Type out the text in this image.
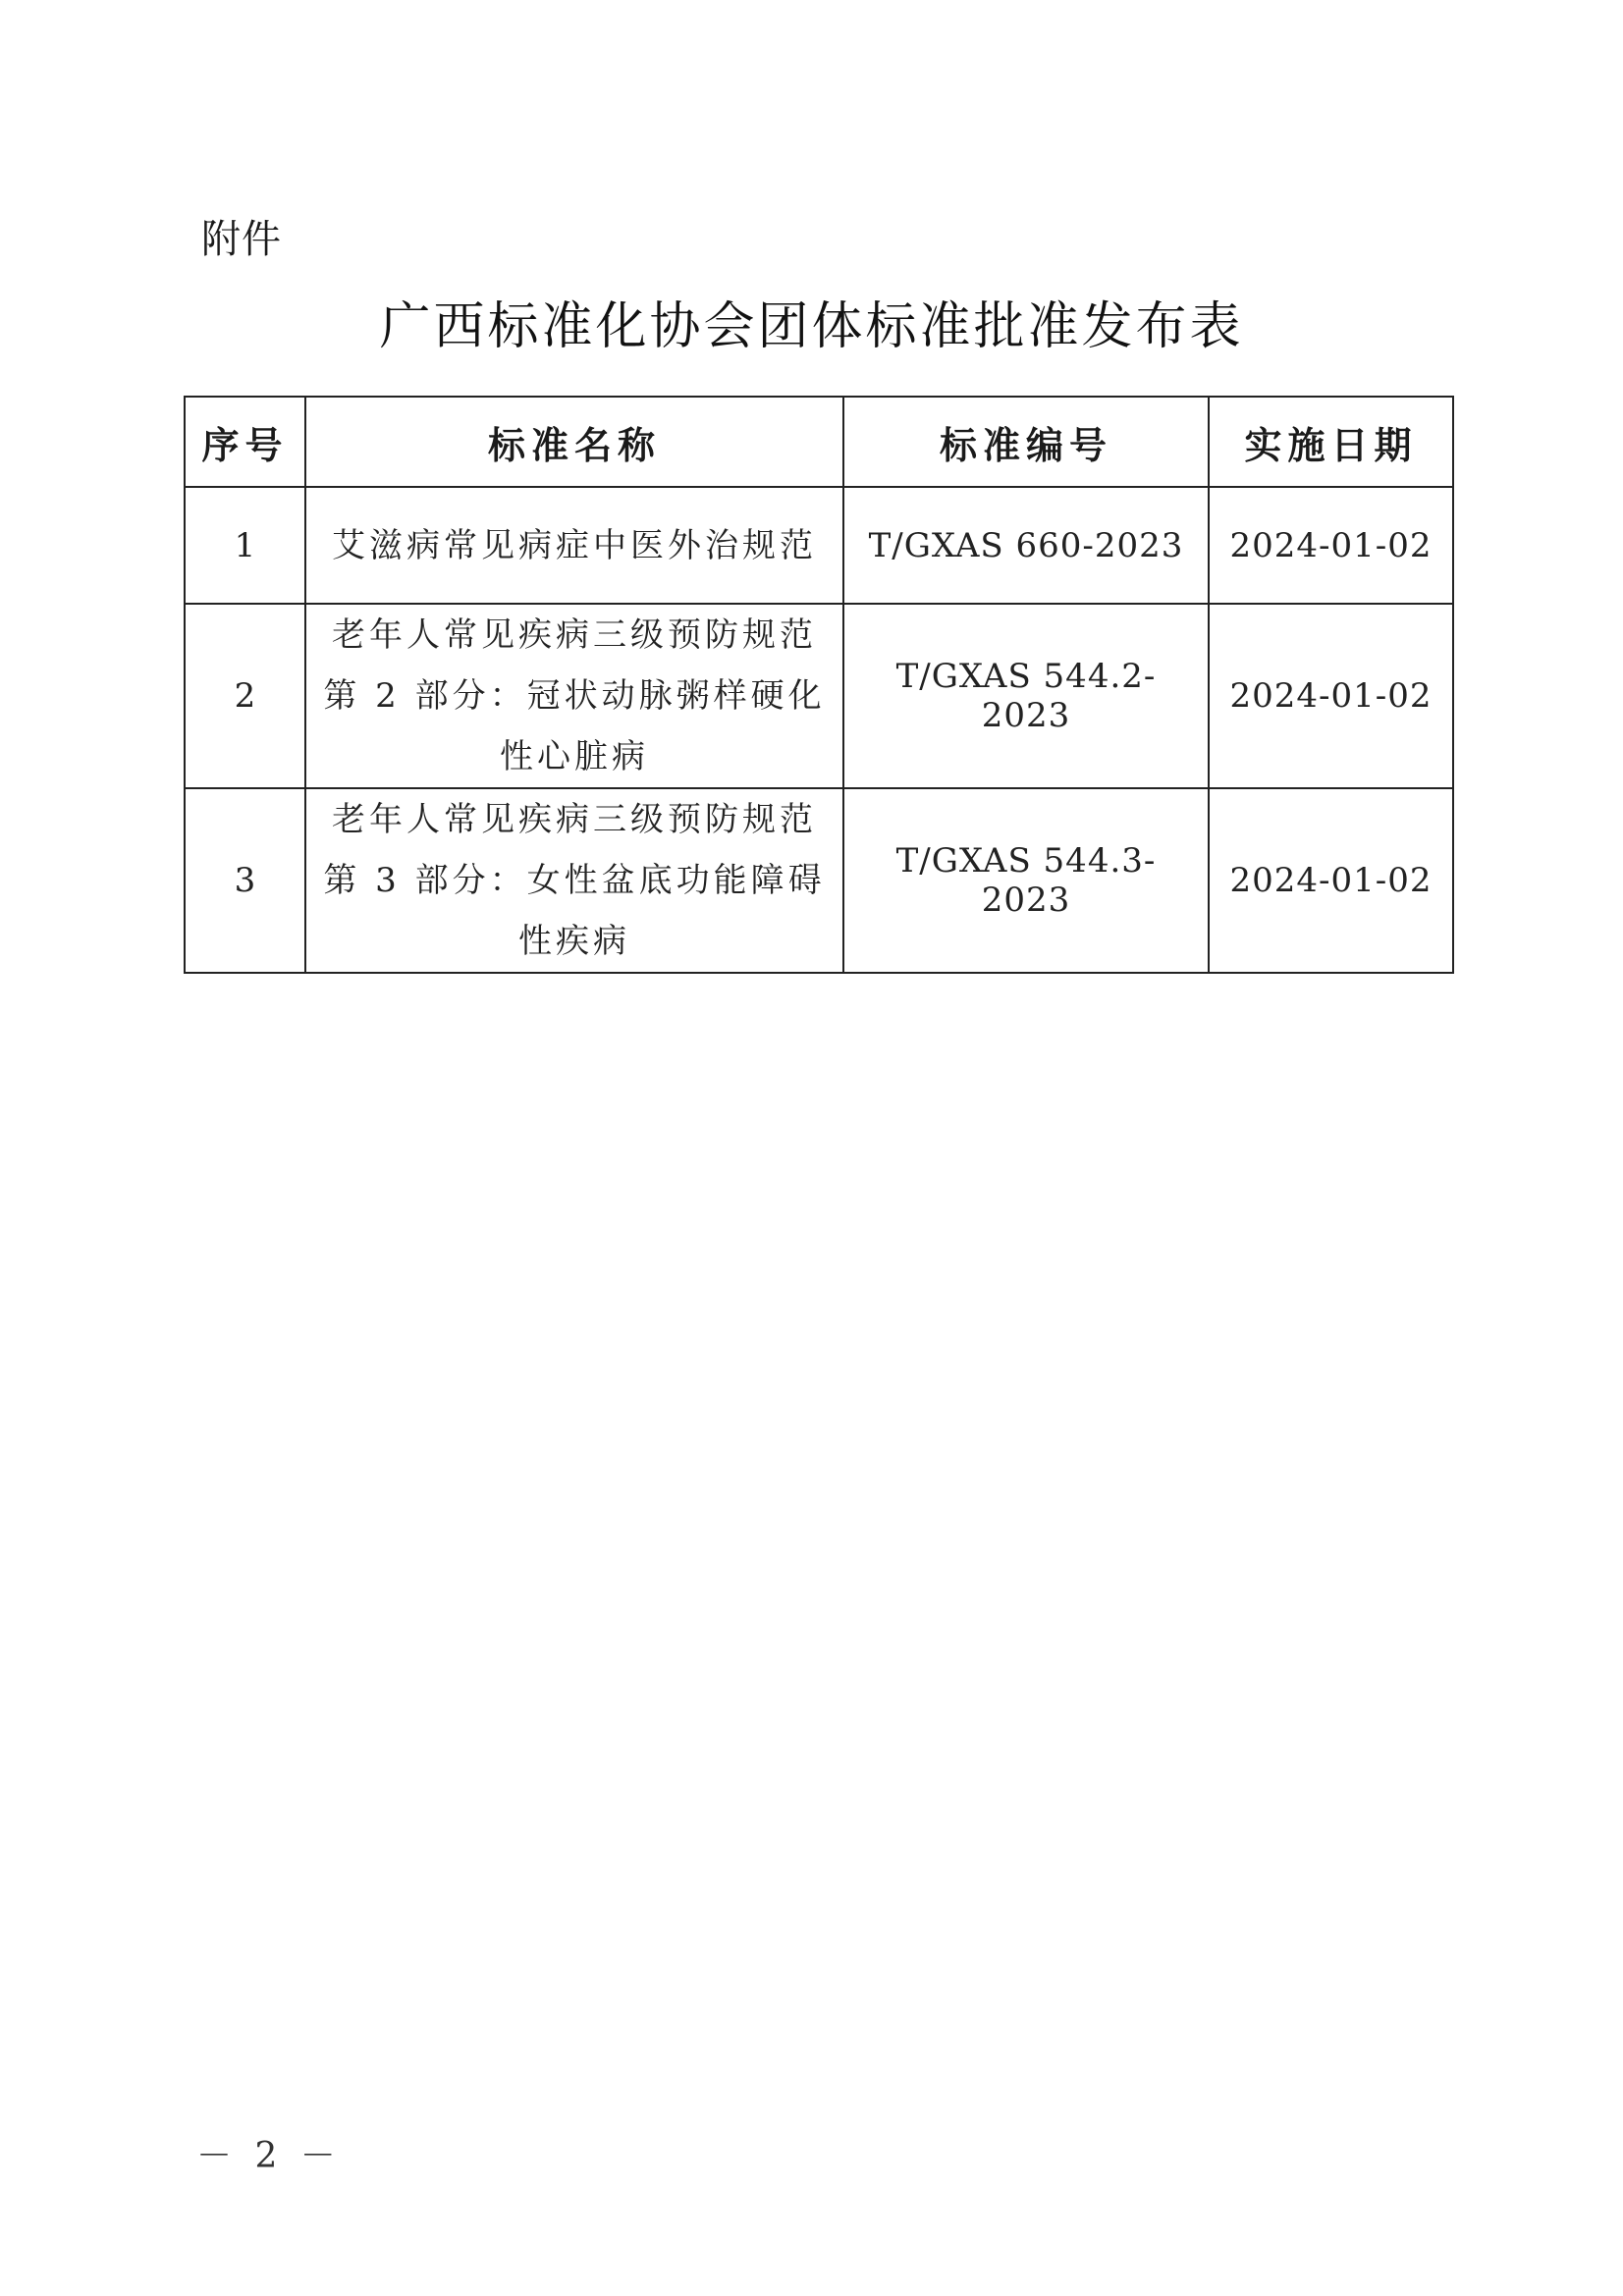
附件
广西标准化协会团体标准批准发布表
序号	标准名称	标准编号	实施日期
1	艾滋病常见病症中医外治规范	T/GXAS 660-2023	2024-01-02
2	老年人常见疾病三级预防规范
第 2 部分：冠状动脉粥样硬化
性心脏病	T/GXAS 544.2-2023	2024-01-02
3	老年人常见疾病三级预防规范
第 3 部分：女性盆底功能障碍
性疾病	T/GXAS 544.3-2023	2024-01-02
－ 2 －
